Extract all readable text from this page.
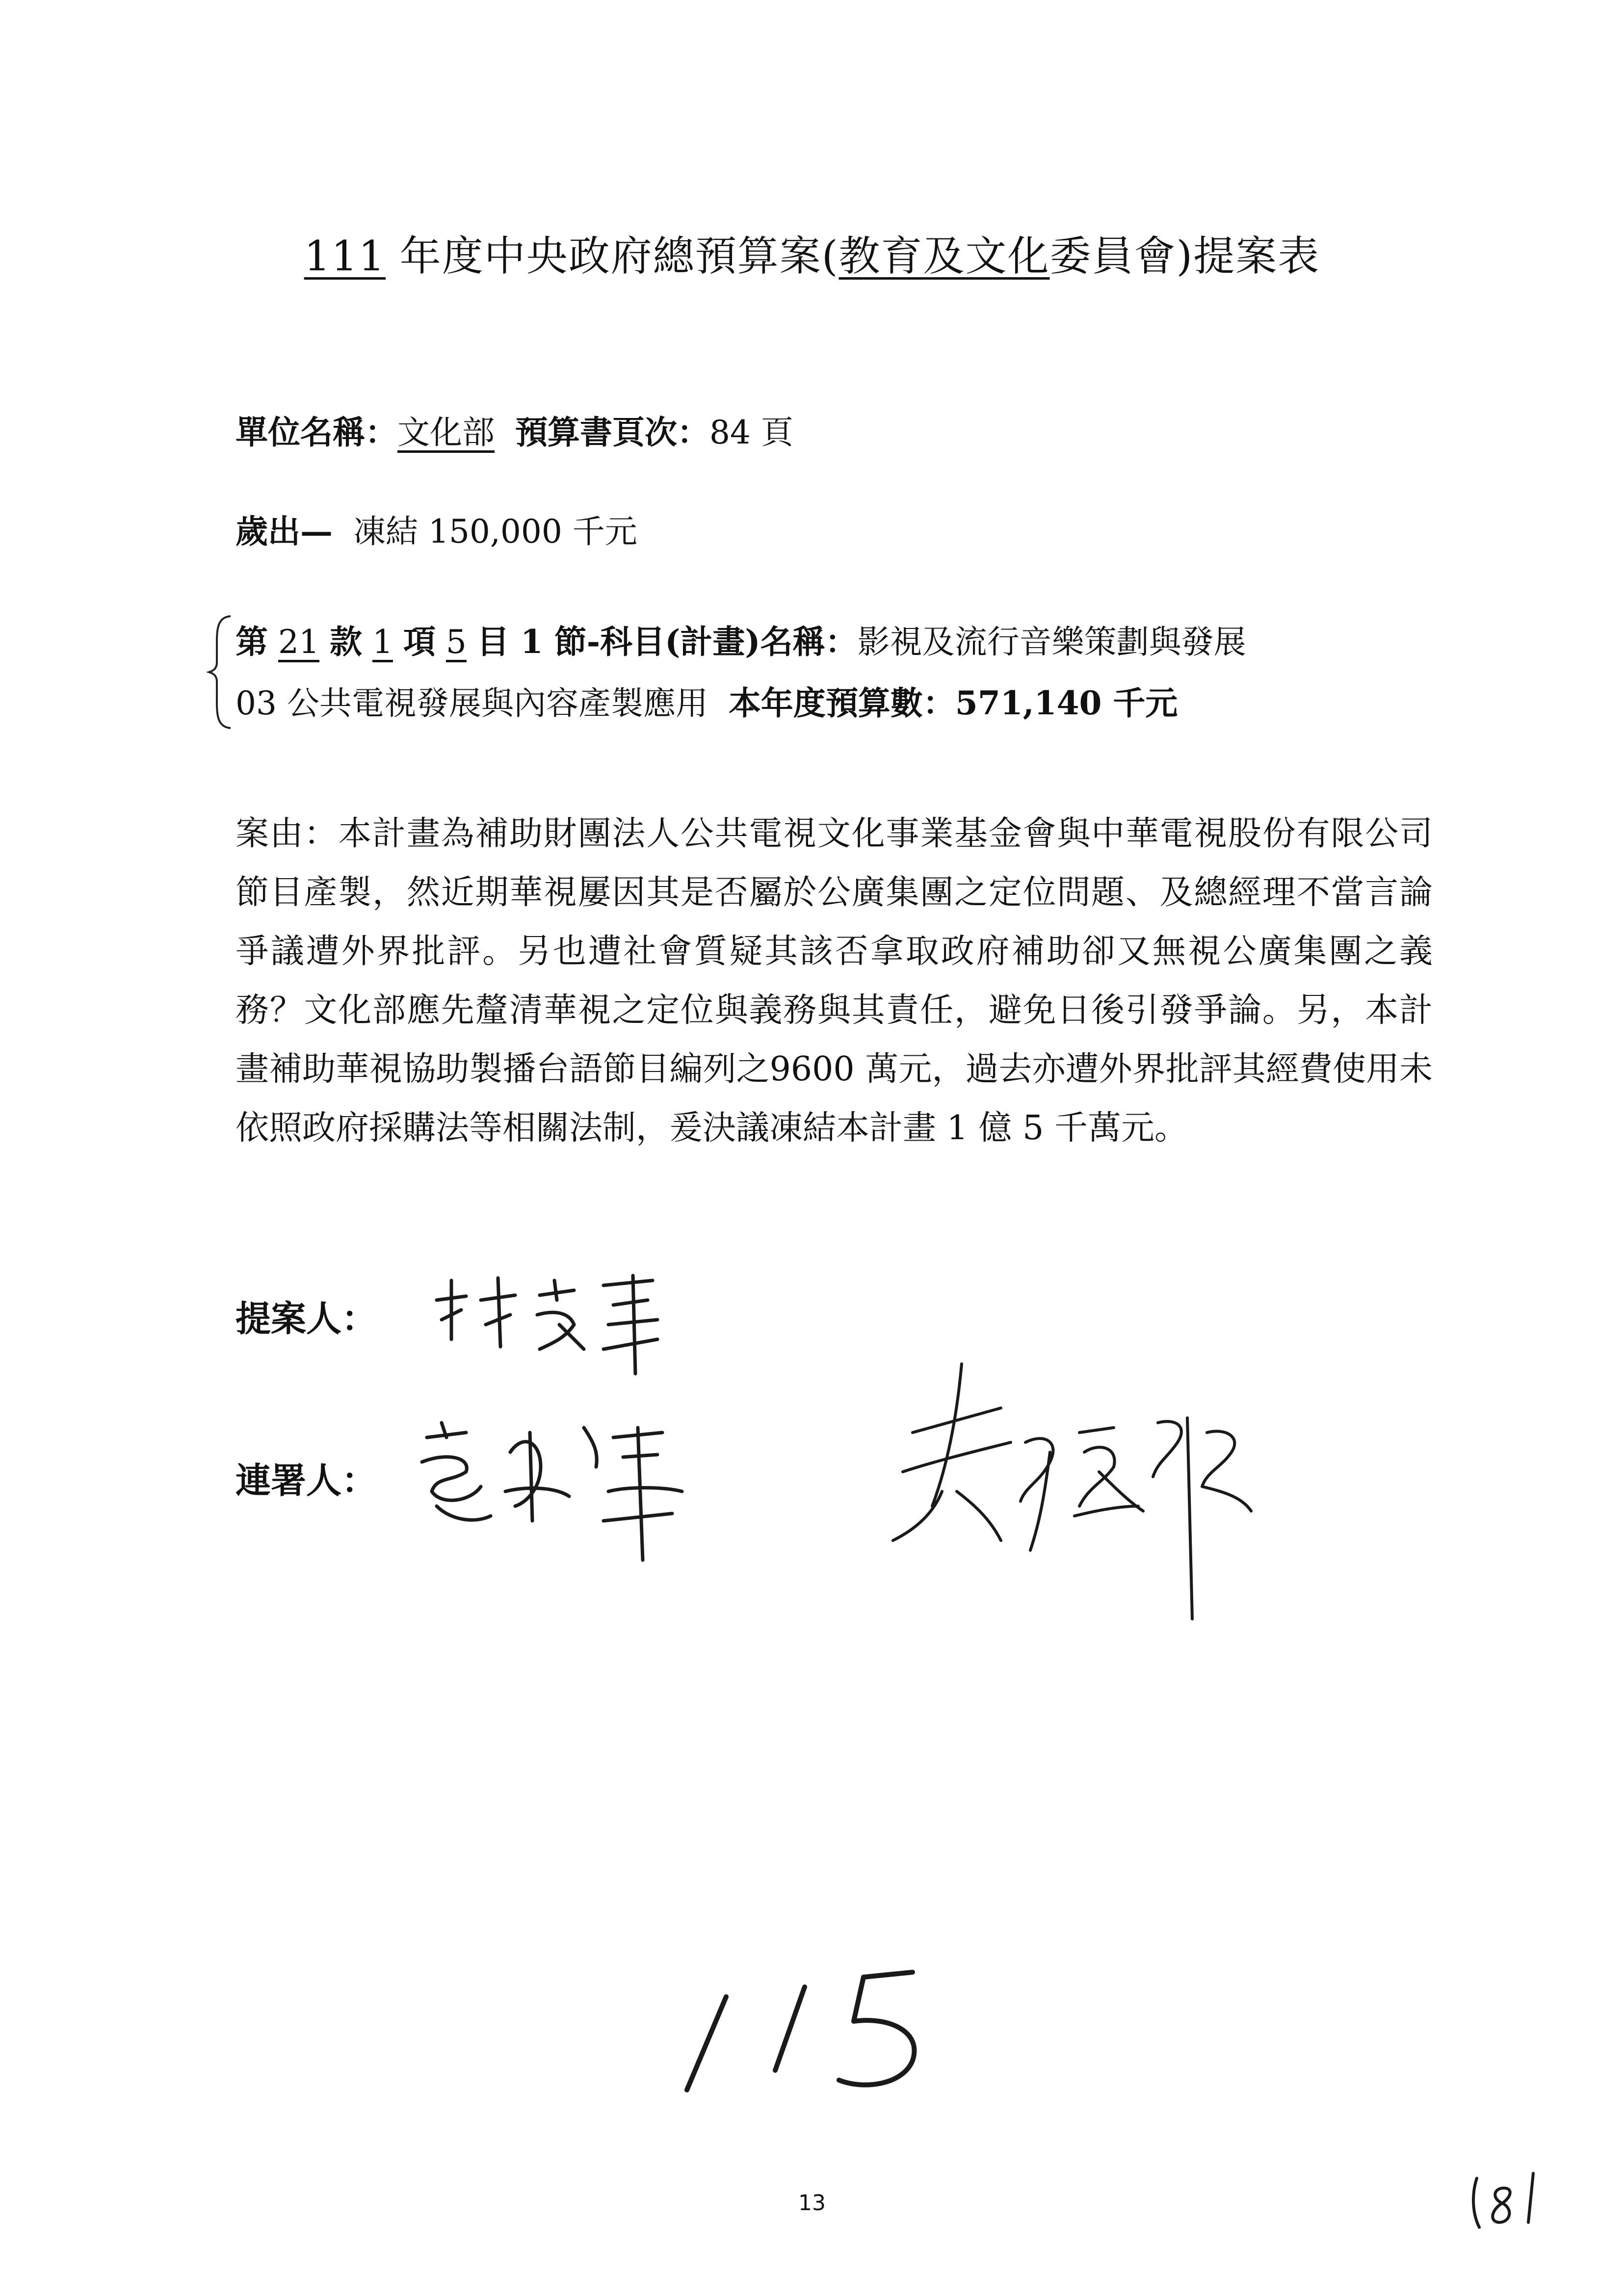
111 年度中央政府總預算案(教育及文化委員會)提案表
單位名稱：文化部 預算書頁次：84 頁
歲出— 凍結 150,000 千元
第 21 款 1 項 5 目 1 節-科目(計畫)名稱：影視及流行音樂策劃與發展
03 公共電視發展與內容產製應用 本年度預算數：571,140 千元
案由：本計畫為補助財團法人公共電視文化事業基金會與中華電視股份有限公司節目產製，然近期華視屢因其是否屬於公廣集團之定位問題、及總經理不當言論爭議遭外界批評。另也遭社會質疑其該否拿取政府補助卻又無視公廣集團之義務？文化部應先釐清華視之定位與義務與其責任，避免日後引發爭論。另，本計畫補助華視協助製播台語節目編列之9600 萬元，過去亦遭外界批評其經費使用未依照政府採購法等相關法制，爰決議凍結本計畫 1 億 5 千萬元。
提案人：
連署人：
13
